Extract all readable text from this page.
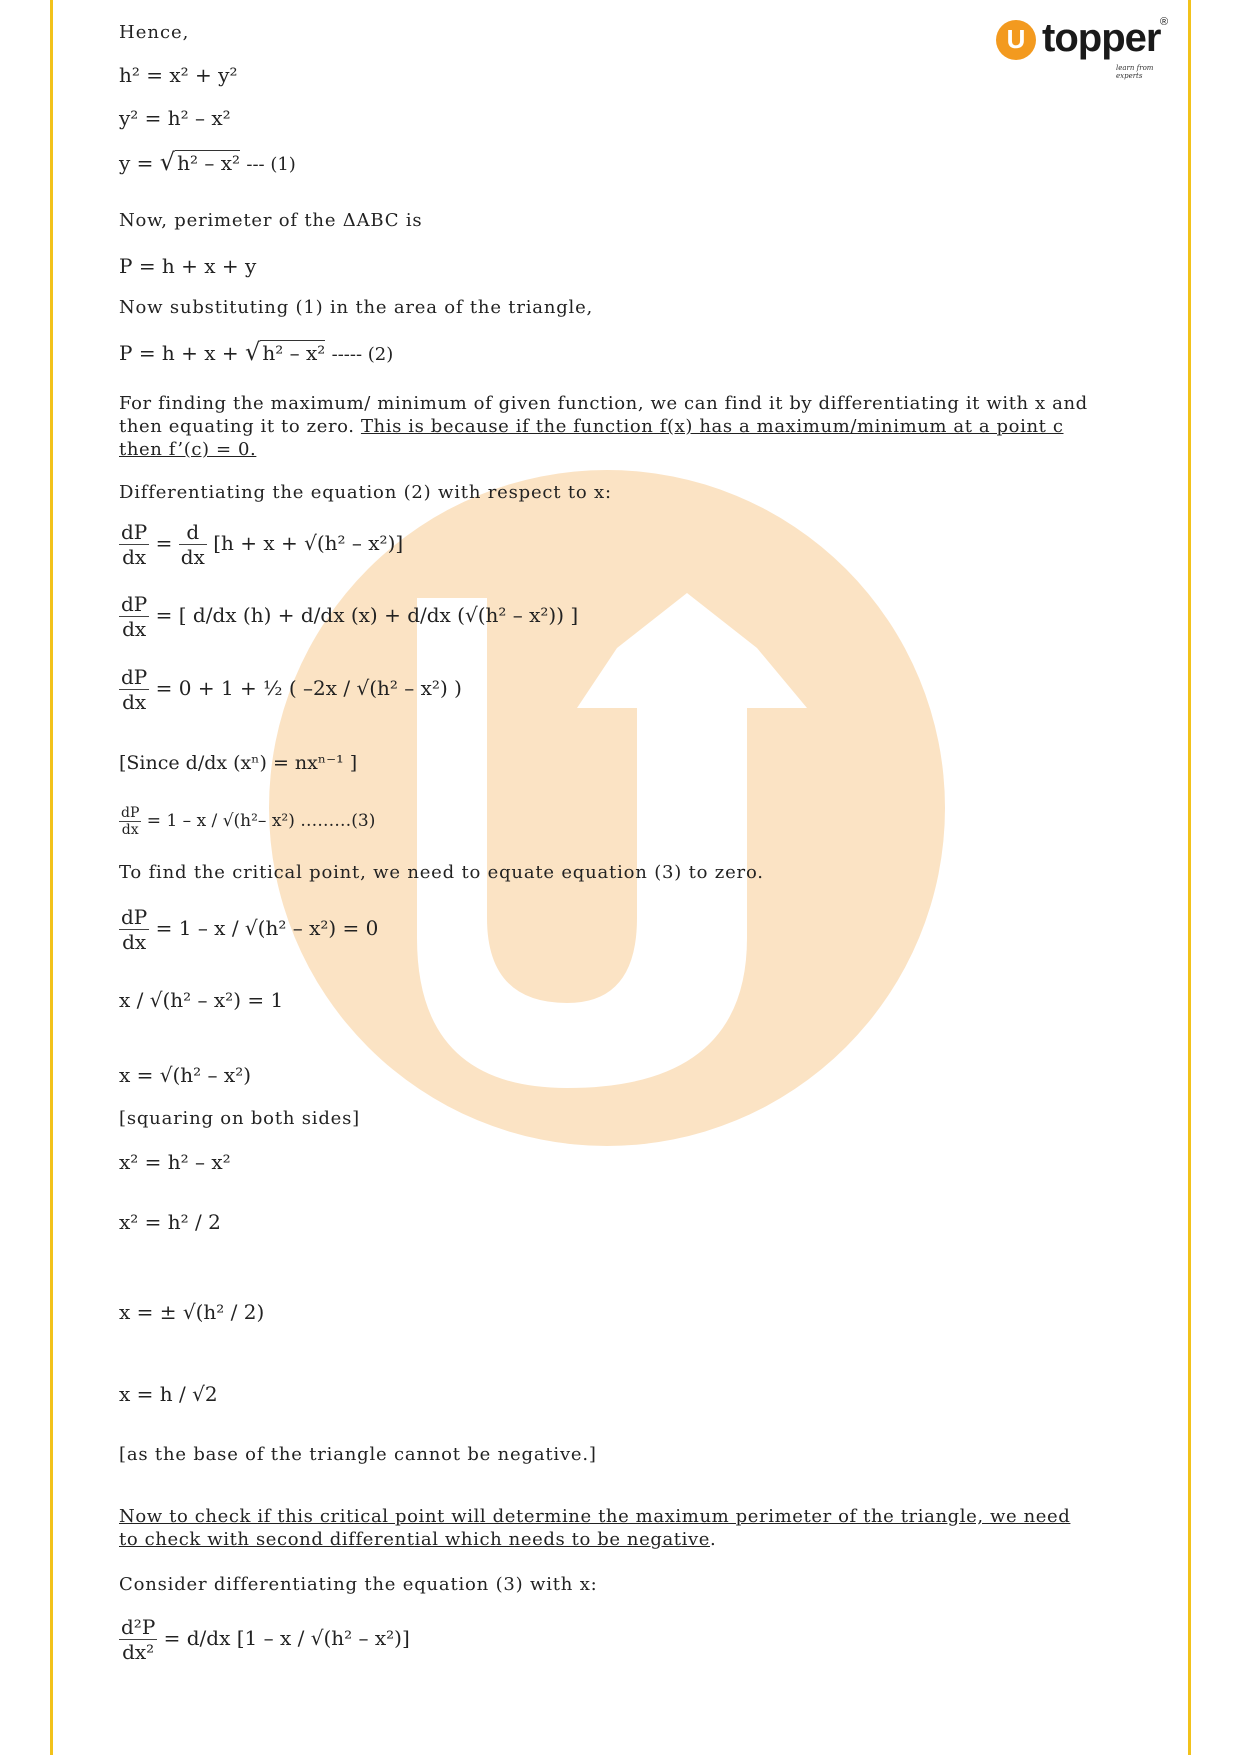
U topper ®
learn from experts
Hence,
h² = x² + y²
y² = h² – x²
y = √ h² – x² --- (1)
Now, perimeter of the ΔABC is
P = h + x + y
Now substituting (1) in the area of the triangle,
P = h + x + √ h² – x² ----- (2)
For finding the maximum/ minimum of given function, we can find it by differentiating it with x and then equating it to zero. This is because if the function f(x) has a maximum/minimum at a point c then f’(c) = 0.
Differentiating the equation (2) with respect to x:
$\frac{dP}{dx} = \frac{d}{dx} [h + x + √(h^2 - x^2)]$
$\frac{dP}{dx}$ = [ d/dx (h) + d/dx (x) + d/dx (√(h² – x²)) ]
$\frac{dP}{dx} = 0 + 1$ + ½ ( –2x / √(h² – x²) )
[Since d/dx (xⁿ) = nxⁿ⁻¹ ]
$\frac{dP}{dx} = 1 - x / √(h^2-$ x²) ………(3)
To find the critical point, we need to equate equation (3) to zero.
$\frac{dP}{dx} = 1 - x / √(h^2 - x^2) = 0$
x / √(h² – x²) = 1
x = √(h² – x²)
[squaring on both sides]
x² = h² – x²
x² = h² / 2
x = ± √(h² / 2)
x = h / √2
[as the base of the triangle cannot be negative.]
Now to check if this critical point will determine the maximum perimeter of the triangle, we need to check with second differential which needs to be negative.
Consider differentiating the equation (3) with x:
$\frac{\text{d²P}}{\text{dx²}} = d/dx$ [1 – x / √(h² – x²)]
